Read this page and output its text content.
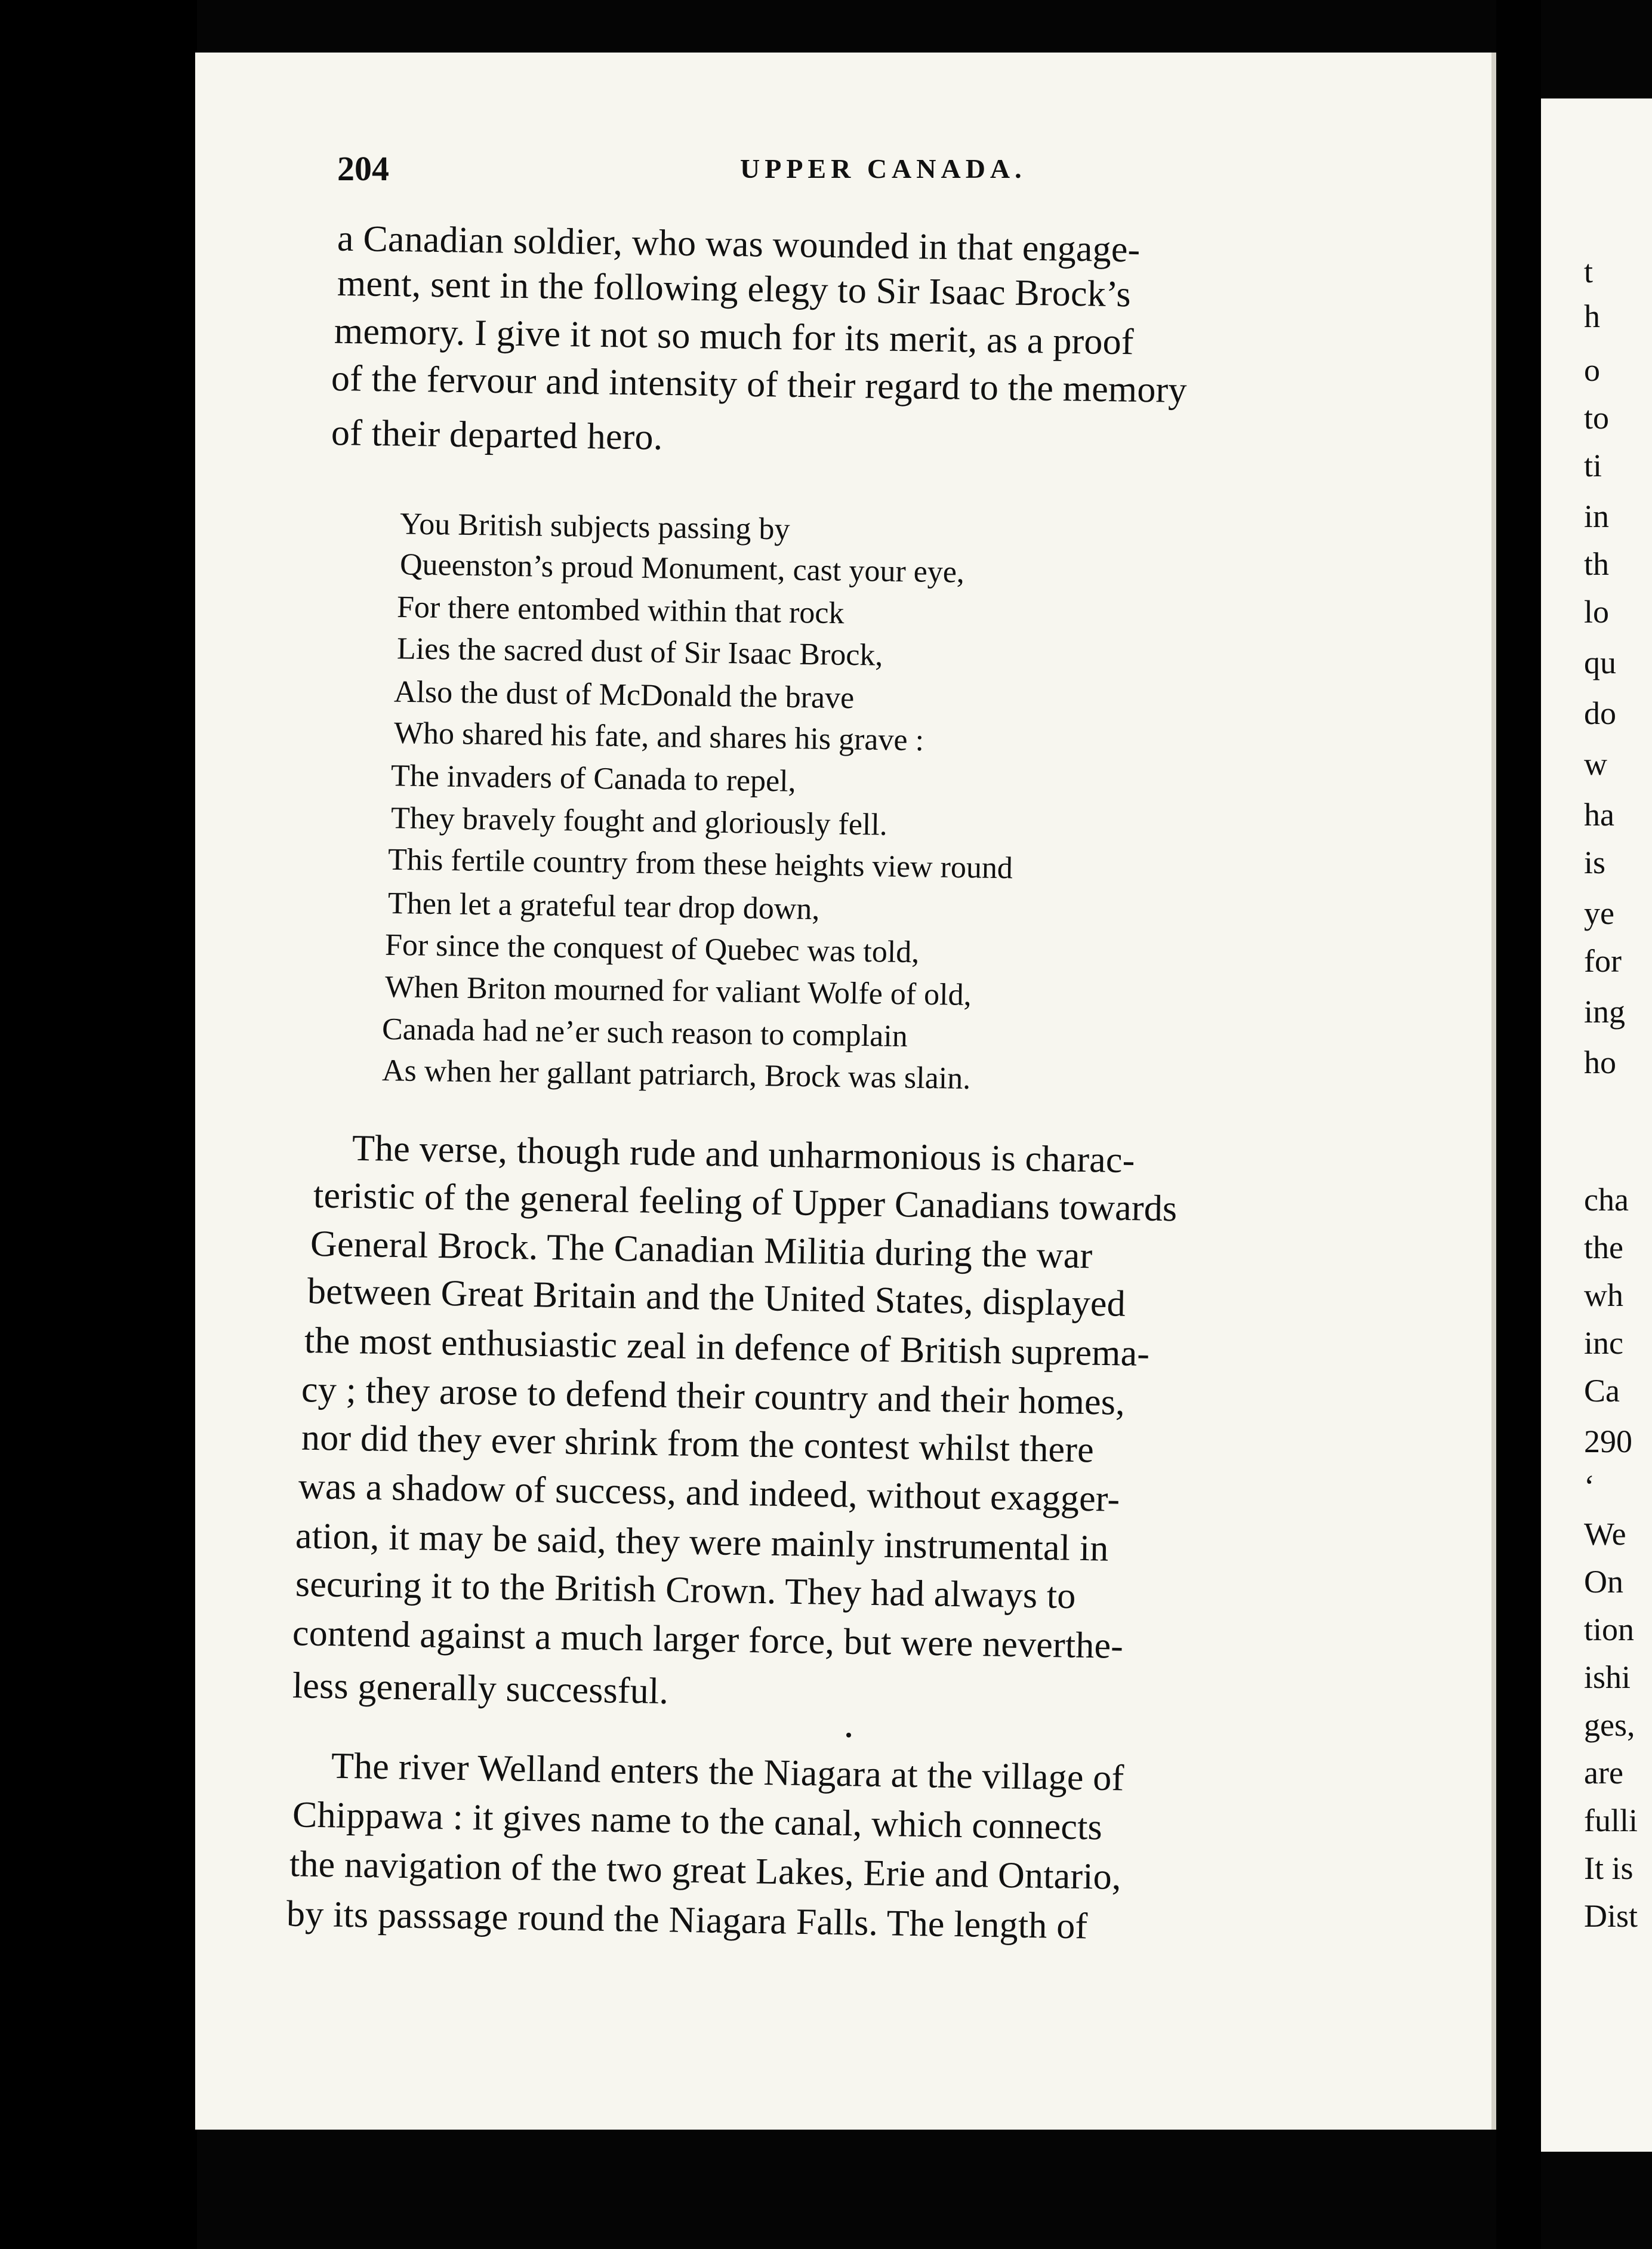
t
h
o
to
ti
in
th
lo
qu
do
w
ha
is
ye
for
ing
ho
cha
the
wh
inc
Ca
290
‘
We
On
tion
ishi
ges,
are
fulli
It is
Dist
204	UPPER CANADA.
a Canadian soldier, who was wounded in that engage-
ment, sent in the following elegy to Sir Isaac Brock’s
memory. I give it not so much for its merit, as a proof
of the fervour and intensity of their regard to the memory
of their departed hero.
You British subjects passing by
Queenston’s proud Monument, cast your eye,
For there entombed within that rock
Lies the sacred dust of Sir Isaac Brock,
Also the dust of McDonald the brave
Who shared his fate, and shares his grave :
The invaders of Canada to repel,
They bravely fought and gloriously fell.
This fertile country from these heights view round
Then let a grateful tear drop down,
For since the conquest of Quebec was told,
When Briton mourned for valiant Wolfe of old,
Canada had ne’er such reason to complain
As when her gallant patriarch, Brock was slain.
The verse, though rude and unharmonious is charac-
teristic of the general feeling of Upper Canadians towards
General Brock. The Canadian Militia during the war
between Great Britain and the United States, displayed
the most enthusiastic zeal in defence of British suprema-
cy ; they arose to defend their country and their homes,
nor did they ever shrink from the contest whilst there
was a shadow of success, and indeed, without exagger-
ation, it may be said, they were mainly instrumental in
securing it to the British Crown. They had always to
contend against a much larger force, but were neverthe-
less generally successful.
The river Welland enters the Niagara at the village of
Chippawa : it gives name to the canal, which connects
the navigation of the two great Lakes, Erie and Ontario,
by its passsage round the Niagara Falls. The length of
